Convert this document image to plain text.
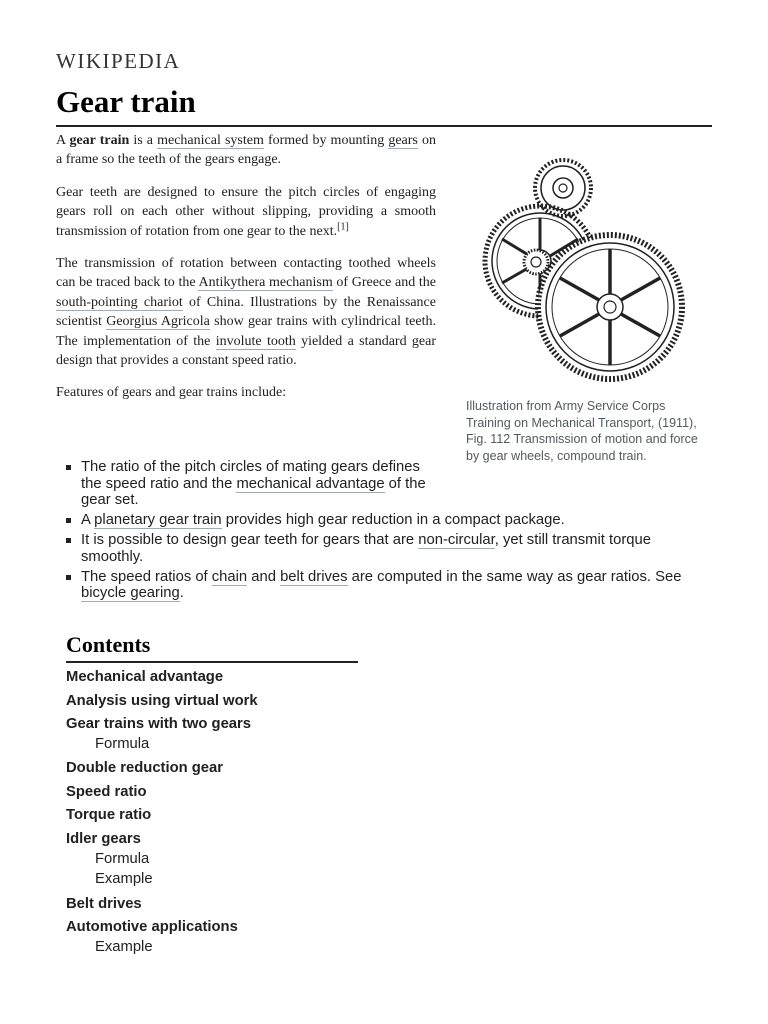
WIKIPEDIA
Gear train

A gear train is a mechanical system formed by mounting gears on a frame so the teeth of the gears engage.

Gear teeth are designed to ensure the pitch circles of engaging gears roll on each other without slipping, providing a smooth transmission of rotation from one gear to the next.[1]

The transmission of rotation between contacting toothed wheels can be traced back to the Antikythera mechanism of Greece and the south-pointing chariot of China. Illustrations by the Renaissance scientist Georgius Agricola show gear trains with cylindrical teeth. The implementation of the involute tooth yielded a standard gear design that provides a constant speed ratio.

Features of gears and gear trains include:

Illustration from Army Service Corps Training on Mechanical Transport, (1911), Fig. 112 Transmission of motion and force by gear wheels, compound train.

The ratio of the pitch circles of mating gears defines the speed ratio and the mechanical advantage of the gear set.
A planetary gear train provides high gear reduction in a compact package.
It is possible to design gear teeth for gears that are non-circular, yet still transmit torque smoothly.
The speed ratios of chain and belt drives are computed in the same way as gear ratios. See bicycle gearing.
Contents
Mechanical advantage
Analysis using virtual work
Gear trains with two gears
Formula
Double reduction gear
Speed ratio
Torque ratio
Idler gears
Formula
Example
Belt drives
Automotive applications
Example
